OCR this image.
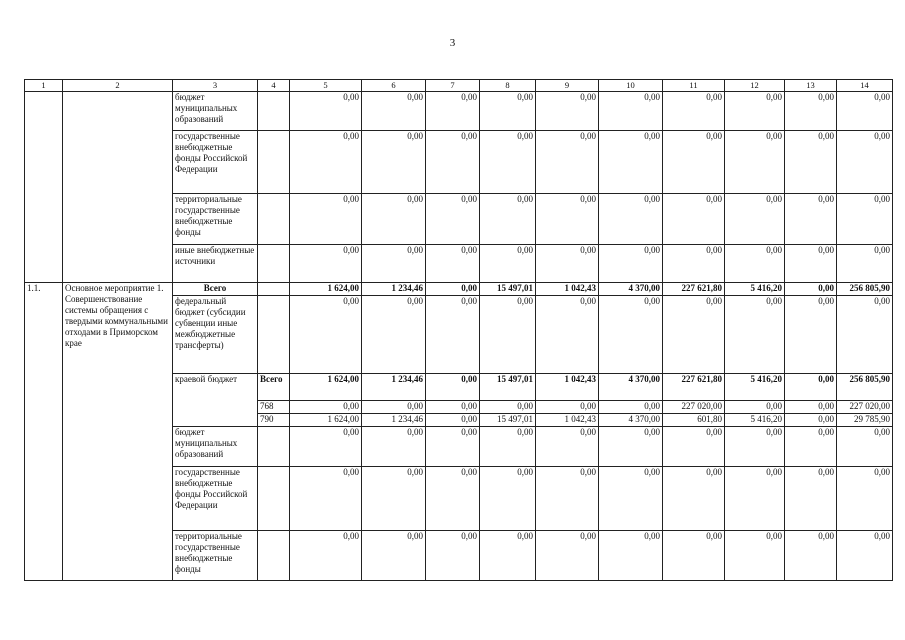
3
1	2	3	4	5	6	7	8	9	10	11	12	13	14
		бюджет муниципальных образований		0,00	0,00	0,00	0,00	0,00	0,00	0,00	0,00	0,00	0,00
		государственные внебюджетные фонды Российской Федерации		0,00	0,00	0,00	0,00	0,00	0,00	0,00	0,00	0,00	0,00
		территориальные государственные внебюджетные фонды		0,00	0,00	0,00	0,00	0,00	0,00	0,00	0,00	0,00	0,00
		иные внебюджетные источники		0,00	0,00	0,00	0,00	0,00	0,00	0,00	0,00	0,00	0,00
1.1.	Основное мероприятие 1. Совершенствование системы обращения с твердыми коммунальными отходами в Приморском крае	Всего		1 624,00	1 234,46	0,00	15 497,01	1 042,43	4 370,00	227 621,80	5 416,20	0,00	256 805,90
		федеральный бюджет (субсидии субвенции иные межбюджетные трансферты)		0,00	0,00	0,00	0,00	0,00	0,00	0,00	0,00	0,00	0,00
		краевой бюджет	Всего	1 624,00	1 234,46	0,00	15 497,01	1 042,43	4 370,00	227 621,80	5 416,20	0,00	256 805,90
			768	0,00	0,00	0,00	0,00	0,00	0,00	227 020,00	0,00	0,00	227 020,00
			790	1 624,00	1 234,46	0,00	15 497,01	1 042,43	4 370,00	601,80	5 416,20	0,00	29 785,90
		бюджет муниципальных образований		0,00	0,00	0,00	0,00	0,00	0,00	0,00	0,00	0,00	0,00
		государственные внебюджетные фонды Российской Федерации		0,00	0,00	0,00	0,00	0,00	0,00	0,00	0,00	0,00	0,00
		территориальные государственные внебюджетные фонды		0,00	0,00	0,00	0,00	0,00	0,00	0,00	0,00	0,00	0,00
